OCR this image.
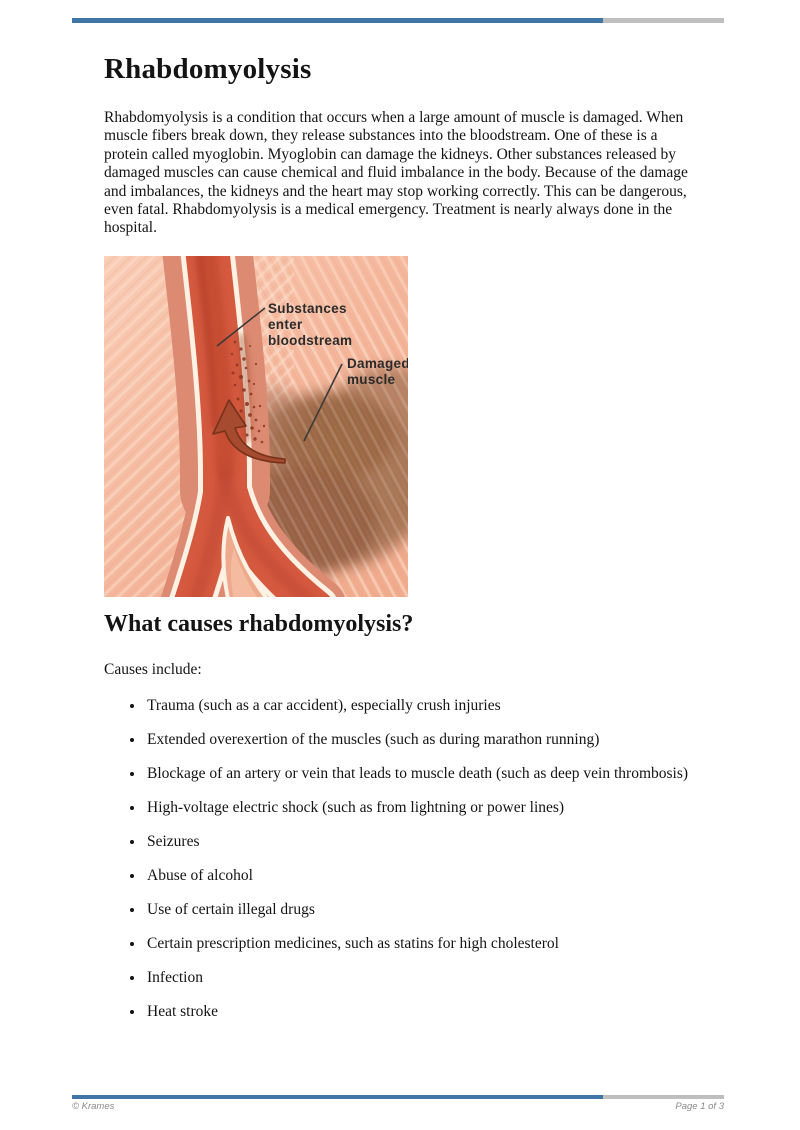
Rhabdomyolysis

Rhabdomyolysis is a condition that occurs when a large amount of muscle is damaged. When muscle fibers break down, they release substances into the bloodstream. One of these is a protein called myoglobin. Myoglobin can damage the kidneys. Other substances released by damaged muscles can cause chemical and fluid imbalance in the body. Because of the damage and imbalances, the kidneys and the heart may stop working correctly. This can be dangerous, even fatal. Rhabdomyolysis is a medical emergency. Treatment is nearly always done in the hospital.

Substances
enter
bloodstream
Damaged
muscle
What causes rhabdomyolysis?

Causes include:

• Trauma (such as a car accident), especially crush injuries
• Extended overexertion of the muscles (such as during marathon running)
• Blockage of an artery or vein that leads to muscle death (such as deep vein thrombosis)
• High-voltage electric shock (such as from lightning or power lines)
• Seizures
• Abuse of alcohol
• Use of certain illegal drugs
• Certain prescription medicines, such as statins for high cholesterol
• Infection
• Heat stroke
© Krames	Page 1 of 3
